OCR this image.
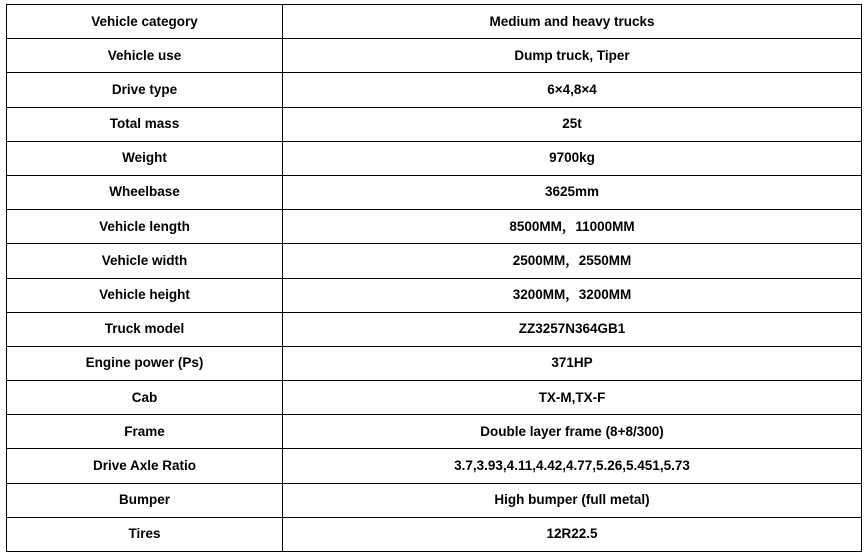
Vehicle category	Medium and heavy trucks
Vehicle use	Dump truck, Tiper
Drive type	6×4,8×4
Total mass	25t
Weight	9700kg
Wheelbase	3625mm
Vehicle length	8500MM，11000MM
Vehicle width	2500MM，2550MM
Vehicle height	3200MM，3200MM
Truck model	ZZ3257N364GB1
Engine power (Ps)	371HP
Cab	TX-M,TX-F
Frame	Double layer frame (8+8/300)
Drive Axle Ratio	3.7,3.93,4.11,4.42,4.77,5.26,5.451,5.73
Bumper	High bumper (full metal)
Tires	12R22.5
